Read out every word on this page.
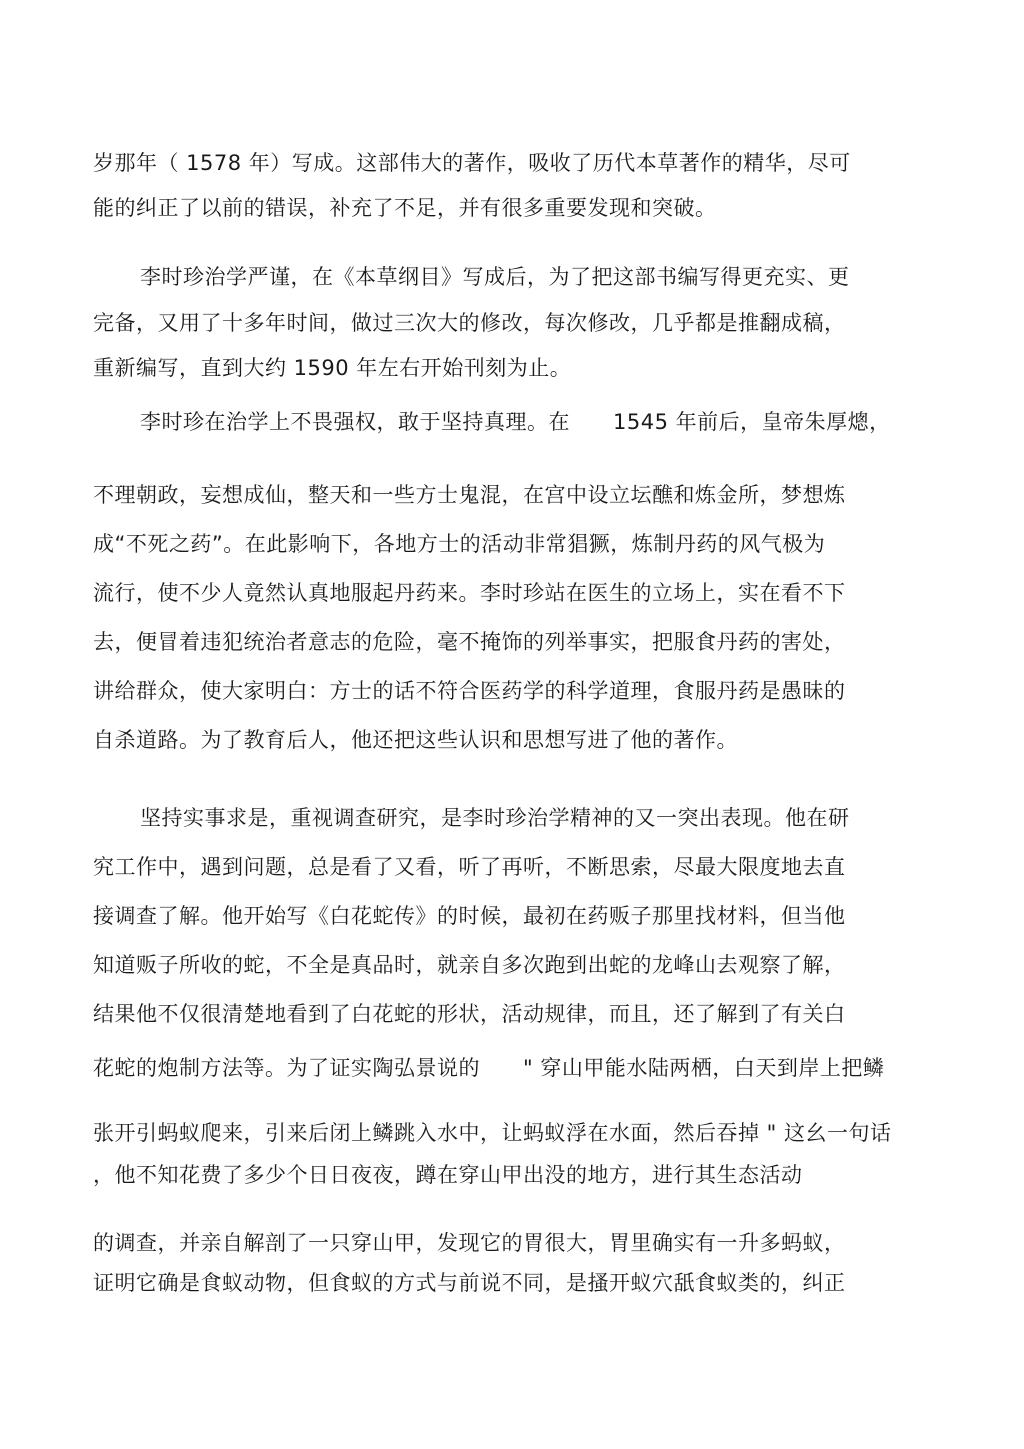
岁那年（ 1578 年）写成。这部伟大的著作，吸收了历代本草著作的精华，尽可
能的纠正了以前的错误，补充了不足，并有很多重要发现和突破。
李时珍治学严谨，在《本草纲目》写成后，为了把这部书编写得更充实、更
完备，又用了十多年时间，做过三次大的修改，每次修改，几乎都是推翻成稿，
重新编写，直到大约 1590 年左右开始刊刻为止。
李时珍在治学上不畏强权，敢于坚持真理。在      1545 年前后，皇帝朱厚熜，
不理朝政，妄想成仙，整天和一些方士鬼混，在宫中设立坛醮和炼金所，梦想炼
成“不死之药”。在此影响下，各地方士的活动非常猖獗，炼制丹药的风气极为
流行，使不少人竟然认真地服起丹药来。李时珍站在医生的立场上，实在看不下
去，便冒着违犯统治者意志的危险，毫不掩饰的列举事实，把服食丹药的害处，
讲给群众，使大家明白：方士的话不符合医药学的科学道理，食服丹药是愚昧的
自杀道路。为了教育后人，他还把这些认识和思想写进了他的著作。
坚持实事求是，重视调查研究，是李时珍治学精神的又一突出表现。他在研
究工作中，遇到问题，总是看了又看，听了再听，不断思索，尽最大限度地去直
接调查了解。他开始写《白花蛇传》的时候，最初在药贩子那里找材料，但当他
知道贩子所收的蛇，不全是真品时，就亲自多次跑到出蛇的龙峰山去观察了解，
结果他不仅很清楚地看到了白花蛇的形状，活动规律，而且，还了解到了有关白
花蛇的炮制方法等。为了证实陶弘景说的      " 穿山甲能水陆两栖，白天到岸上把鳞
张开引蚂蚁爬来，引来后闭上鳞跳入水中，让蚂蚁浮在水面，然后吞掉 " 这幺一句话
，他不知花费了多少个日日夜夜，蹲在穿山甲出没的地方，进行其生态活动
的调查，并亲自解剖了一只穿山甲，发现它的胃很大，胃里确实有一升多蚂蚁，
证明它确是食蚁动物，但食蚁的方式与前说不同，是搔开蚁穴舐食蚁类的，纠正
